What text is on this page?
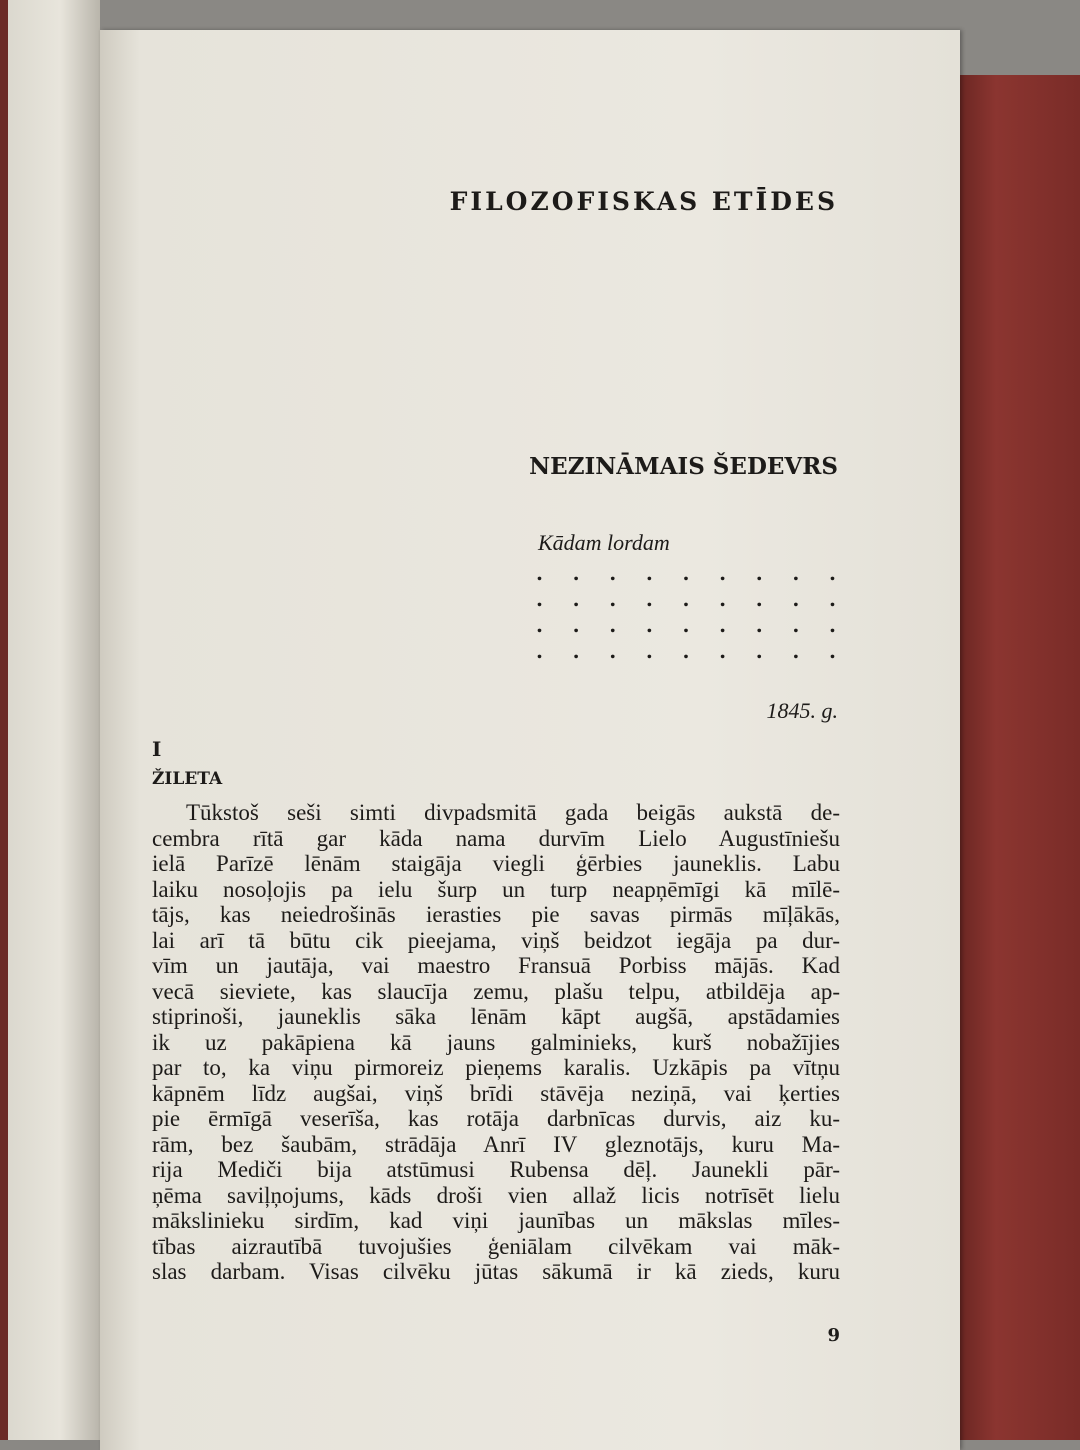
FILOZOFISKAS ETĪDES
NEZINĀMAIS ŠEDEVRS
Kādam lordam
. . . . . . . . .
. . . . . . . . .
. . . . . . . . .
. . . . . . . . .
1845. g.
I
ŽILETA
Tūkstoš seši simti divpadsmitā gada beigās aukstā de-
cembra rītā gar kāda nama durvīm Lielo Augustīniešu
ielā Parīzē lēnām staigāja viegli ģērbies jauneklis. Labu
laiku nosoļojis pa ielu šurp un turp neapņēmīgi kā mīlē-
tājs, kas neiedrošinās ierasties pie savas pirmās mīļākās,
lai arī tā būtu cik pieejama, viņš beidzot iegāja pa dur-
vīm un jautāja, vai maestro Fransuā Porbiss mājās. Kad
vecā sieviete, kas slaucīja zemu, plašu telpu, atbildēja ap-
stiprinoši, jauneklis sāka lēnām kāpt augšā, apstādamies
ik uz pakāpiena kā jauns galminieks, kurš nobažījies
par to, ka viņu pirmoreiz pieņems karalis. Uzkāpis pa vītņu
kāpnēm līdz augšai, viņš brīdi stāvēja neziņā, vai ķerties
pie ērmīgā veserīša, kas rotāja darbnīcas durvis, aiz ku-
rām, bez šaubām, strādāja Anrī IV gleznotājs, kuru Ma-
rija Mediči bija atstūmusi Rubensa dēļ. Jaunekli pār-
ņēma saviļņojums, kāds droši vien allaž licis notrīsēt lielu
mākslinieku sirdīm, kad viņi jaunības un mākslas mīles-
tības aizrautībā tuvojušies ģeniālam cilvēkam vai māk-
slas darbam. Visas cilvēku jūtas sākumā ir kā zieds, kuru
9
